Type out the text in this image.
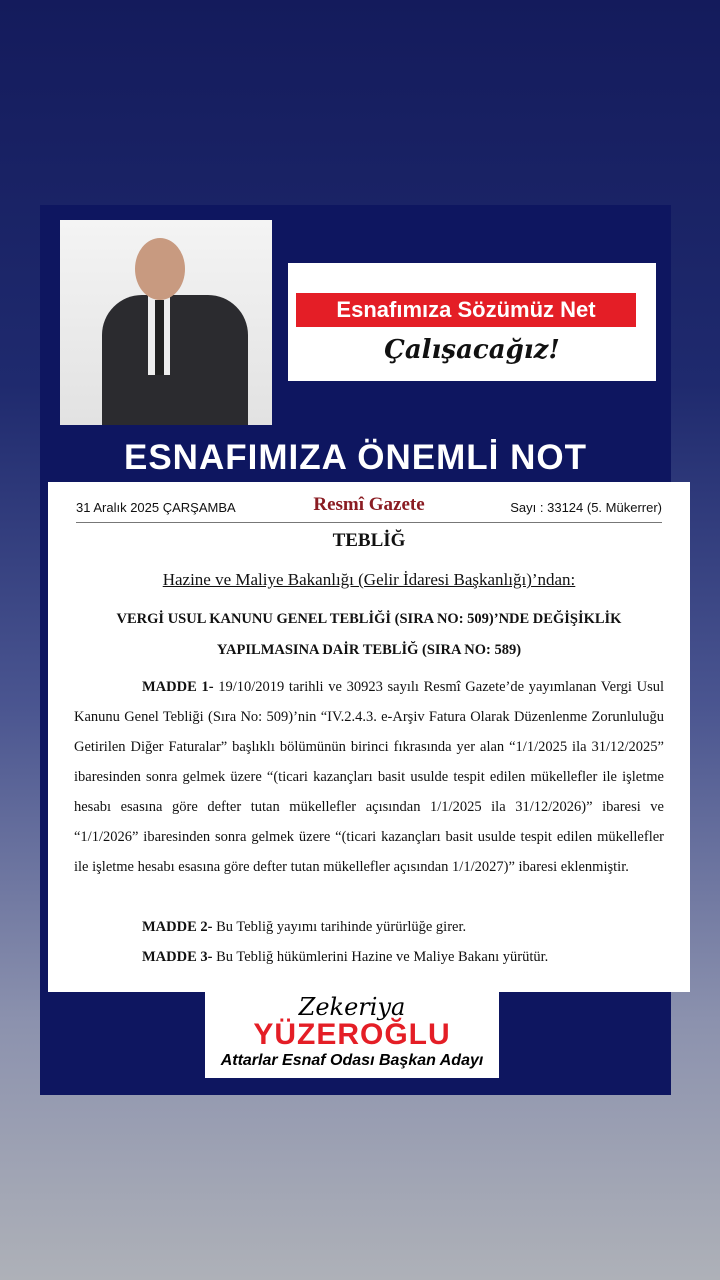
Esnafımıza Sözümüz Net
Çalışacağız!
ESNAFIMIZA ÖNEMLİ NOT
31 Aralık 2025 ÇARŞAMBA	Resmî Gazete	Sayı : 33124 (5. Mükerrer)
TEBLİĞ
Hazine ve Maliye Bakanlığı (Gelir İdaresi Başkanlığı)’ndan:
VERGİ USUL KANUNU GENEL TEBLİĞİ (SIRA NO: 509)’NDE DEĞİŞİKLİK YAPILMASINA DAİR TEBLİĞ (SIRA NO: 589)
MADDE 1- 19/10/2019 tarihli ve 30923 sayılı Resmî Gazete’de yayımlanan Vergi Usul Kanunu Genel Tebliği (Sıra No: 509)’nin “IV.2.4.3. e-Arşiv Fatura Olarak Düzenlenme Zorunluluğu Getirilen Diğer Faturalar” başlıklı bölümünün birinci fıkrasında yer alan “1/1/2025 ila 31/12/2025” ibaresinden sonra gelmek üzere “(ticari kazançları basit usulde tespit edilen mükellefler ile işletme hesabı esasına göre defter tutan mükellefler açısından 1/1/2025 ila 31/12/2026)” ibaresi ve “1/1/2026” ibaresinden sonra gelmek üzere “(ticari kazançları basit usulde tespit edilen mükellefler ile işletme hesabı esasına göre defter tutan mükellefler açısından 1/1/2027)” ibaresi eklenmiştir.
MADDE 2- Bu Tebliğ yayımı tarihinde yürürlüğe girer.
MADDE 3- Bu Tebliğ hükümlerini Hazine ve Maliye Bakanı yürütür.
Zekeriya
YÜZEROĞLU
Attarlar Esnaf Odası Başkan Adayı
